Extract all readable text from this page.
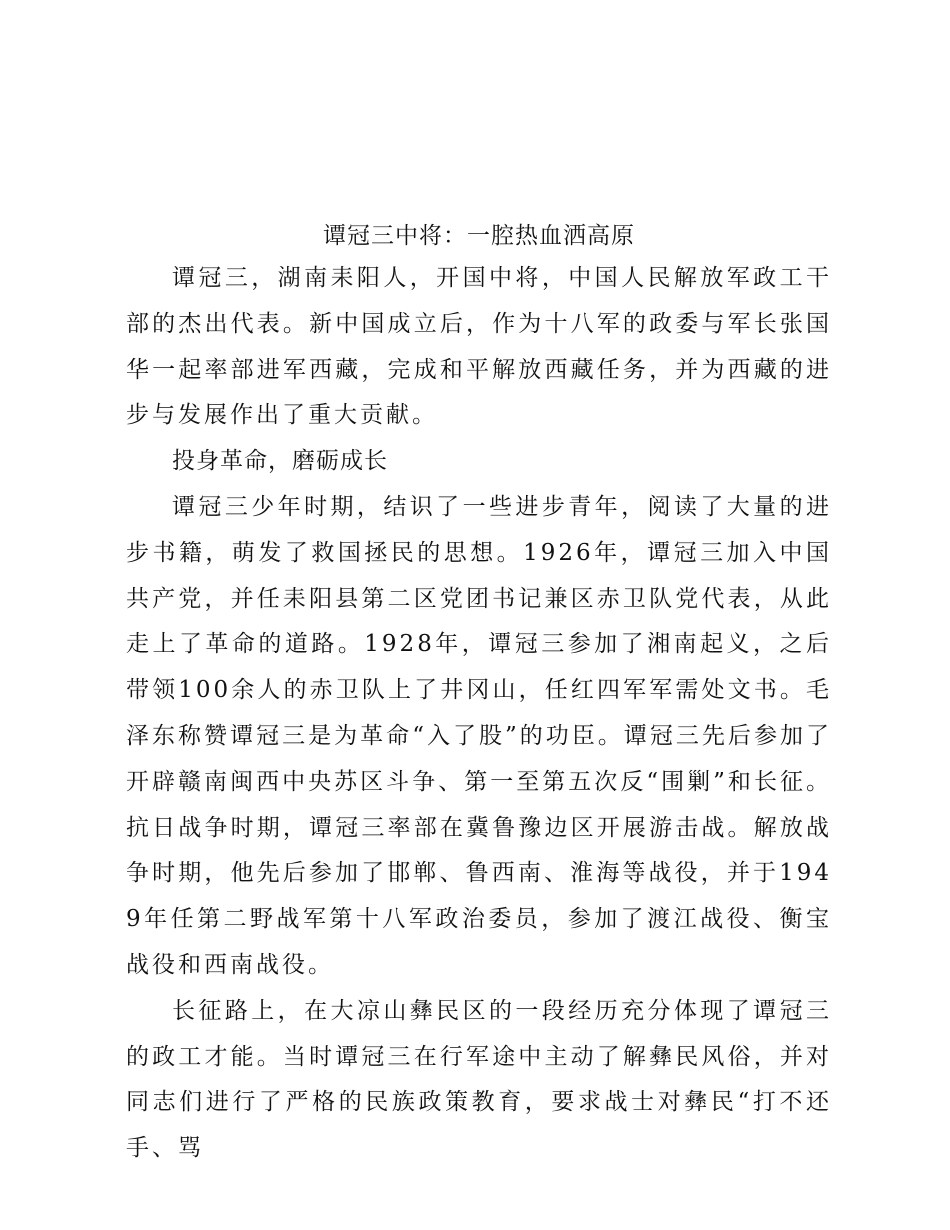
谭冠三中将：一腔热血洒高原

谭冠三，湖南耒阳人，开国中将，中国人民解放军政工干部的杰出代表。新中国成立后，作为十八军的政委与军长张国华一起率部进军西藏，完成和平解放西藏任务，并为西藏的进步与发展作出了重大贡献。

投身革命，磨砺成长

谭冠三少年时期，结识了一些进步青年，阅读了大量的进步书籍，萌发了救国拯民的思想。1926年，谭冠三加入中国共产党，并任耒阳县第二区党团书记兼区赤卫队党代表，从此走上了革命的道路。1928年，谭冠三参加了湘南起义，之后带领100余人的赤卫队上了井冈山，任红四军军需处文书。毛泽东称赞谭冠三是为革命“入了股”的功臣。谭冠三先后参加了开辟赣南闽西中央苏区斗争、第一至第五次反“围剿”和长征。抗日战争时期，谭冠三率部在冀鲁豫边区开展游击战。解放战争时期，他先后参加了邯郸、鲁西南、淮海等战役，并于1949年任第二野战军第十八军政治委员，参加了渡江战役、衡宝战役和西南战役。

长征路上，在大凉山彝民区的一段经历充分体现了谭冠三的政工才能。当时谭冠三在行军途中主动了解彝民风俗，并对同志们进行了严格的民族政策教育，要求战士对彝民“打不还手、骂
